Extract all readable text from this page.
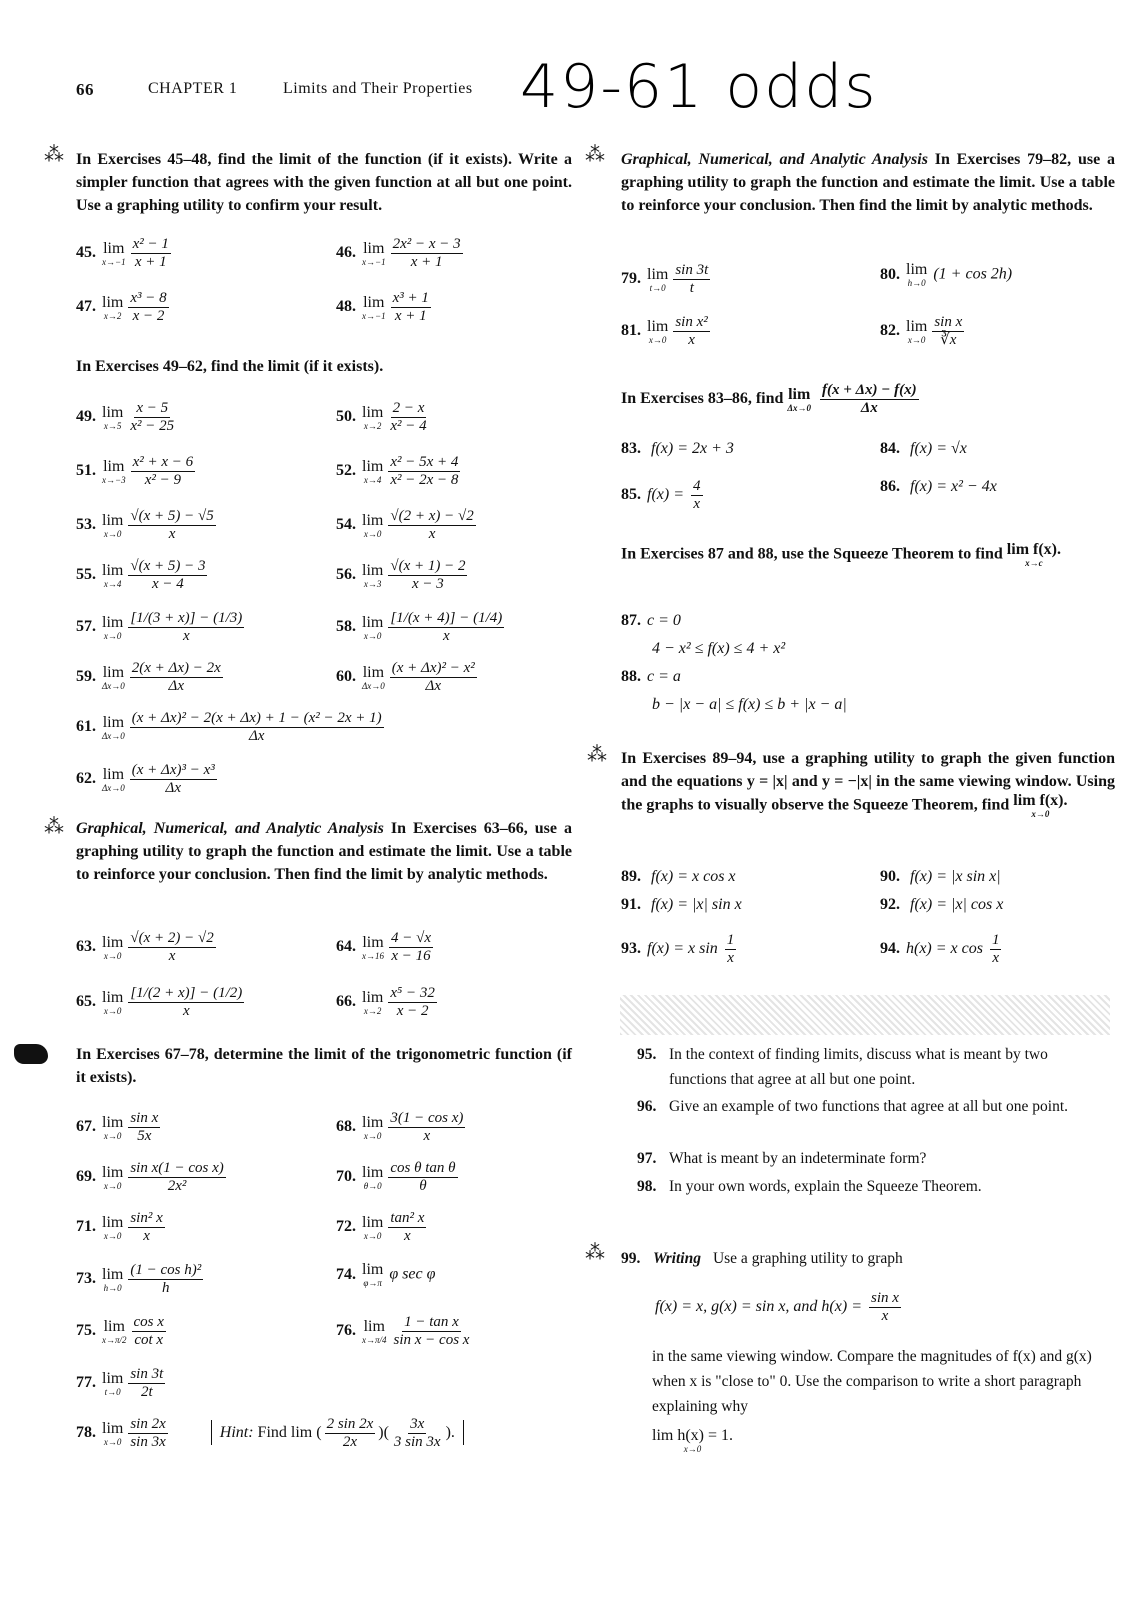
66	CHAPTER 1	Limits and Their Properties 49-61 odds
⁂ In Exercises 45–48, find the limit of the function (if it exists). Write a simpler function that agrees with the given function at all but one point. Use a graphing utility to confirm your result.
45. lim
$x\to-1 \frac{\text{x² − 1}}{x + 1}$	46. lim
$x\to-1 \frac{\text{2x² − x − 3}}{x + 1}$
47. lim
$x\to 2 \frac{\text{x³ − 8}}{x - 2}$	48. lim
$x\to-1 \frac{\text{x³ + 1}}{x + 1}$
49. lim
$x\to 5 \frac{x - 5}{\text{x² − 25}}$	50. lim
$x\to 2 \frac{2 - x}{\text{x² − 4}}$
51. lim
$x\to-3 \frac{\text{x² + x − 6}}{\text{x² − 9}}$	52. lim
$x\to 4 \frac{\text{x² − 5x + 4}}{\text{x² − 2x − 8}}$
53. lim
$x\to 0 \frac{√(x + 5) - √5}{x}$	54. lim
$x\to 0 \frac{√(2 + x) - √2}{x}$
55. lim
$x\to 4 \frac{√(x + 5) - 3}{x - 4}$	56. lim
$x\to 3 \frac{√(x + 1) - 2}{x - 3}$
57. lim
$x\to 0 \frac{[1/(3 + x)] - (1/3)}{x}$	58. lim
$x\to 0 \frac{[1/(x + 4)] - (1/4)}{x}$
59. lim
$\Delta x\to 0 \frac{2(x + \Delta x) - 2x}{\Delta x}$	60. lim
$\Delta x\to 0 \frac{\text{(x + Δx)² − x²}}{\Delta x}$
61. lim
$\Delta x\to 0 \frac{\text{(x + Δx)² − 2(x + Δx) + 1 − (x² − 2x + 1)}}{\Delta x}$
62. lim
$\Delta x\to 0 \frac{\text{(x + Δx)³ − x³}}{\Delta x}$
63. lim
$x\to 0 \frac{√(x + 2) - √2}{x}$	64. lim
$x\to 16 \frac{4 - √x}{x - 16}$
65. lim
$x\to 0 \frac{[1/(2 + x)] - (1/2)}{x}$	66. lim
$x\to 2 \frac{\text{x⁵ − 32}}{x - 2}$
67. lim
$x\to 0 \frac{\text{sin x}}{5x}$	68. lim
$x\to 0 \frac{\text{3(1 − cos x)}}{x}$
69. lim
$x\to 0 \frac{\text{sin x(1 − cos x)}}{\text{2x²}}$	70. lim
$\theta\to 0 \frac{\text{cos θ tan θ}}{\theta}$
71. lim
$x\to 0 \frac{\text{sin² x}}{x}$	72. lim
$x\to 0 \frac{\text{tan² x}}{x}$
73. lim
$h\to 0 \frac{\text{(1 − cos h)²}}{h}$	74. lim
φ→π
φ sec φ
75. lim
$x\to\pi/2 \frac{\text{cos x}}{\text{cot x}}$	76. lim
$x\to\pi/4 \frac{\text{1 − tan x}}{\text{sin x − cos x}}$
77. lim
$t\to 0 \frac{\sin 3t}{2t}$
78. lim
$x\to 0 \frac{\sin 2x}{\sin 3x}$	Hint: Find lim ( $\frac{2 \sin 2x}{2x}$ )( $\frac{3x}{3 \sin 3x}$ ).
In Exercises 49–62, find the limit (if it exists).
⁂ Graphical, Numerical, and Analytic Analysis In Exercises 63–66, use a graphing utility to graph the function and estimate the limit. Use a table to reinforce your conclusion. Then find the limit by analytic methods.
In Exercises 67–78, determine the limit of the trigonometric function (if it exists).
⁂ Graphical, Numerical, and Analytic Analysis In Exercises 79–82, use a graphing utility to graph the function and estimate the limit. Use a table to reinforce your conclusion. Then find the limit by analytic methods.
In Exercises 83–86, find lim
Δx→0
$\frac{f(x + \Delta x) - f(x)}{\Delta x}$
In Exercises 87 and 88, use the Squeeze Theorem to find lim f(x).
x→c
87. c = 0
4 − x² ≤ f(x) ≤ 4 + x²
88. c = a
b − |x − a| ≤ f(x) ≤ b + |x − a|
⁂ In Exercises 89–94, use a graphing utility to graph the given function and the equations y = |x| and y = −|x| in the same viewing window. Using the graphs to visually observe the Squeeze Theorem, find lim f(x).
x→0
79. lim
$t\to 0 \frac{\sin 3t}{t}$	80. lim
h→0
(1 + cos 2h)
81. lim
$x\to 0 \frac{\text{sin x²}}{x}$	82. lim
$x\to 0 \frac{\text{sin x}}{∛x}$
83. f(x) = 2x + 3	84. f(x) = √x
85. $f(x) = \frac{4}{x}$	86. f(x) = x² − 4x
89. f(x) = x cos x	90. f(x) = |x sin x|
91. f(x) = |x| sin x	92. f(x) = |x| cos x
93. f(x) = x $\sin \frac{1}{x}$	94. h(x) = x $\cos \frac{1}{x}$
95. In the context of finding limits, discuss what is meant by two functions that agree at all but one point.
96. Give an example of two functions that agree at all but one point.
97. What is meant by an indeterminate form?
98. In your own words, explain the Squeeze Theorem.
⁂ 99. Writing Use a graphing utility to graph
f(x) = x, g(x) = sin x, and $h(x) = \frac{\text{sin x}}{x}$
in the same viewing window. Compare the magnitudes of f(x) and g(x) when x is "close to" 0. Use the comparison to write a short paragraph explaining why
lim h(x) = 1.
x→0
